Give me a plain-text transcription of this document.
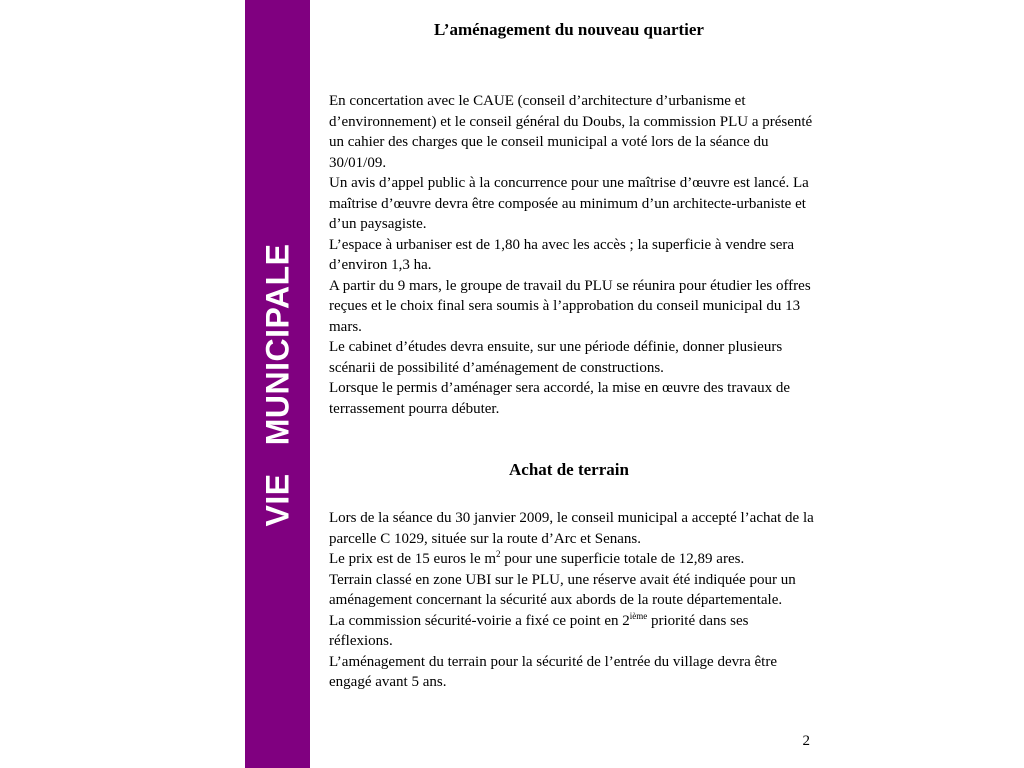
VIE   MUNICIPALE
L’aménagement du nouveau quartier

En concertation avec le CAUE (conseil d’architecture d’urbanisme et d’environnement) et le conseil général du Doubs, la commission PLU a présenté un cahier des charges que le conseil municipal a voté lors de la séance du 30/01/09.

Un avis d’appel public à la concurrence pour une maîtrise d’œuvre est lancé. La maîtrise d’œuvre devra être composée au minimum d’un architecte-urbaniste et d’un paysagiste.

L’espace à urbaniser est de 1,80 ha avec les accès ; la superficie à vendre sera d’environ 1,3 ha.

A partir du 9 mars, le groupe de travail du PLU se réunira pour étudier les offres reçues et le choix final sera soumis à l’approbation du conseil municipal du 13 mars.

Le cabinet d’études devra ensuite, sur une période définie, donner plusieurs scénarii de possibilité d’aménagement de constructions.

Lorsque le permis d’aménager sera accordé, la mise en œuvre des travaux de terrassement pourra débuter.

Achat de terrain

Lors de la séance du 30 janvier 2009, le conseil municipal a accepté l’achat de la parcelle C 1029, située sur la route d’Arc et Senans.

Le prix est de 15 euros le $m^2$ pour une superficie totale de 12,89 ares.

Terrain classé en zone UBI sur le PLU, une réserve avait été indiquée pour un aménagement concernant la sécurité aux abords de la route départementale.

La commission sécurité-voirie a fixé ce point en 2ième priorité dans ses réflexions.

L’aménagement du terrain pour la sécurité de l’entrée du village devra être engagé avant 5 ans.

2
